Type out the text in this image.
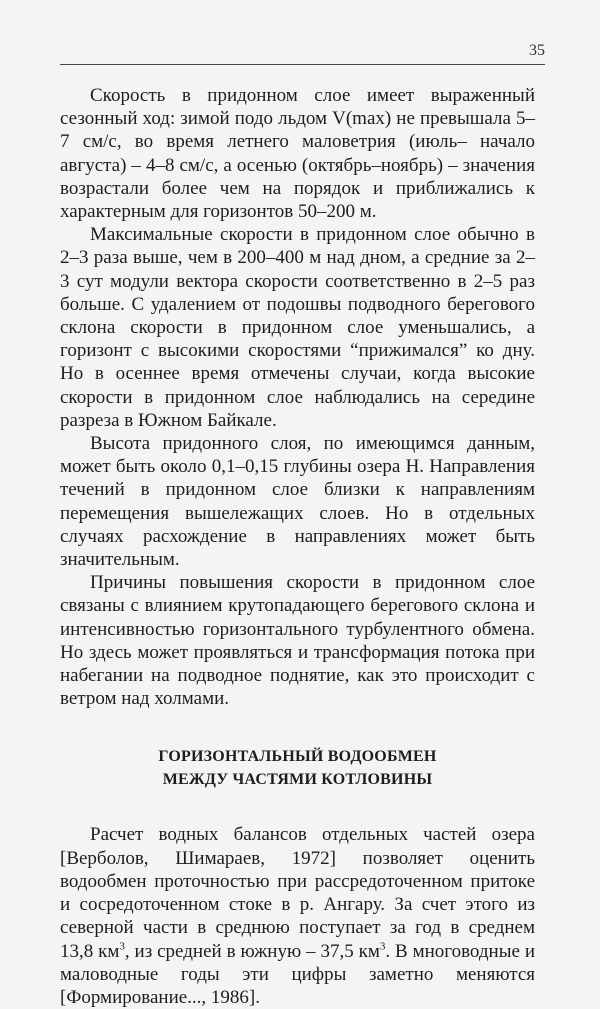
35

Скорость в придонном слое имеет выраженный сезонный ход: зимой подо льдом V(max) не превышала 5–7 см/с, во время летнего маловетрия (июль– начало августа) – 4–8 см/с, а осенью (октябрь–ноябрь) – значения возрастали более чем на порядок и приближались к характерным для горизонтов 50–200 м.

Максимальные скорости в придонном слое обычно в 2–3 раза выше, чем в 200–400 м над дном, а средние за 2–3 сут модули вектора скорости соответственно в 2–5 раз больше. С удалением от подошвы подводного берегового склона скорости в придонном слое уменьшались, а горизонт с высокими скоростями “прижимался” ко дну. Но в осеннее время отмечены случаи, когда высокие скорости в придонном слое наблюдались на середине разреза в Южном Байкале.

Высота придонного слоя, по имеющимся данным, может быть около 0,1–0,15 глубины озера H. Направления течений в придонном слое близки к направлениям перемещения вышележащих слоев. Но в отдельных случаях расхождение в направлениях может быть значительным.

Причины повышения скорости в придонном слое связаны с влиянием крутопадающего берегового склона и интенсивностью горизонтального турбулентного обмена. Но здесь может проявляться и трансформация потока при набегании на подводное поднятие, как это происходит с ветром над холмами.

ГОРИЗОНТАЛЬНЫЙ ВОДООБМЕН
МЕЖДУ ЧАСТЯМИ КОТЛОВИНЫ

Расчет водных балансов отдельных частей озера [Верболов, Шимараев, 1972] позволяет оценить водообмен проточностью при рассредоточенном притоке и сосредоточенном стоке в р. Ангару. За счет этого из северной части в среднюю поступает за год в среднем 13,8 $км^3$, из средней в южную – 37,5 $км^3$. В многоводные и маловодные годы эти цифры заметно меняются [Формирование..., 1986].
